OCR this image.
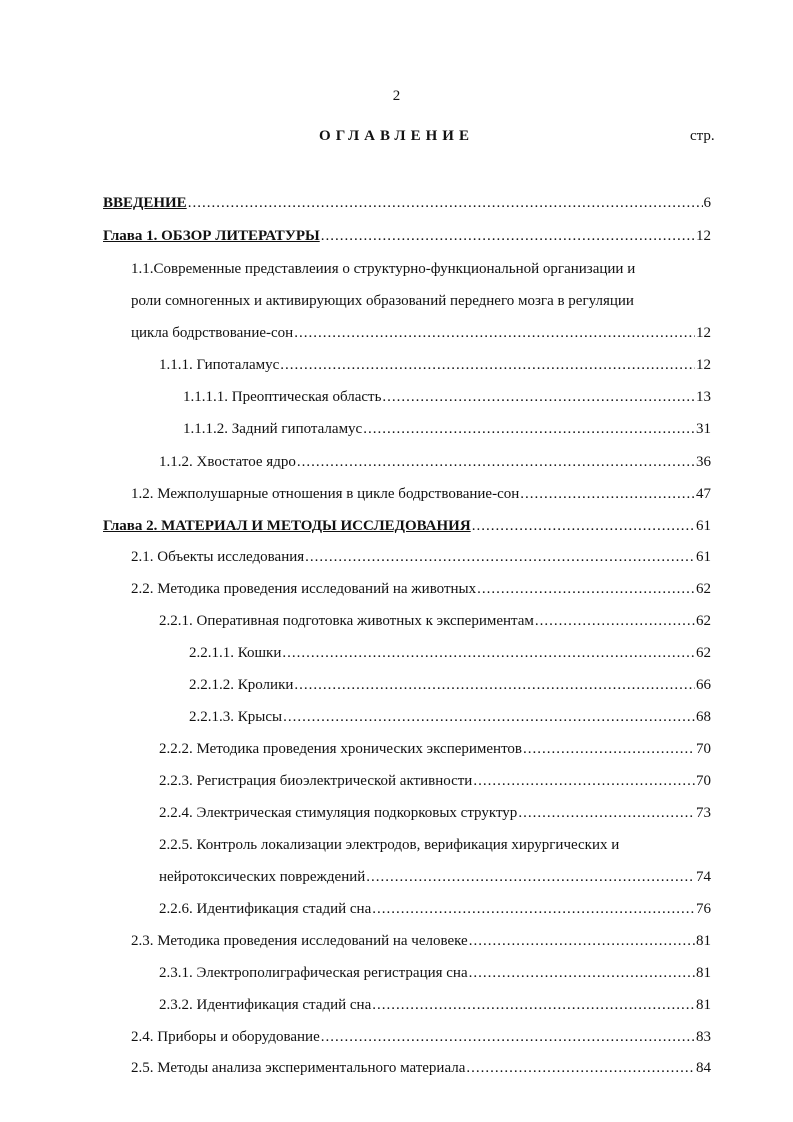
2
ОГЛАВЛЕНИЕ	стр.
ВВЕДЕНИЕ .....	6
Глава 1. ОБЗОР ЛИТЕРАТУРЫ .....	12
1.1.Современные представлеиия о структурно-функциональной организации и
роли сомногенных и активирующих образований переднего мозга в регуляции
цикла бодрствование-сон .....	12
1.1.1. Гипоталамус .....	12
1.1.1.1. Преоптическая область .....	13
1.1.1.2. Задний гипоталамус .....	31
1.1.2. Хвостатое ядро .....	36
1.2. Межполушарные отношения в цикле бодрствование-сон .....	47
Глава 2. МАТЕРИАЛ И МЕТОДЫ ИССЛЕДОВАНИЯ .....	61
2.1. Объекты исследования .....	61
2.2. Методика проведения исследований на животных .....	62
2.2.1. Оперативная подготовка животных к экспериментам .....	62
2.2.1.1. Кошки .....	62
2.2.1.2. Кролики .....	66
2.2.1.3. Крысы .....	68
2.2.2. Методика проведения хронических экспериментов .....	70
2.2.3. Регистрация биоэлектрической активности .....	70
2.2.4. Электрическая стимуляция подкорковых структур .....	73
2.2.5. Контроль локализации электродов, верификация хирургических и
нейротоксических повреждений .....	74
2.2.6. Идентификация стадий сна .....	76
2.3. Методика проведения исследований на человеке .....	81
2.3.1. Электрополиграфическая регистрация сна .....	81
2.3.2. Идентификация стадий сна .....	81
2.4. Приборы и оборудование .....	83
2.5. Методы анализа экспериментального материала .....	84
